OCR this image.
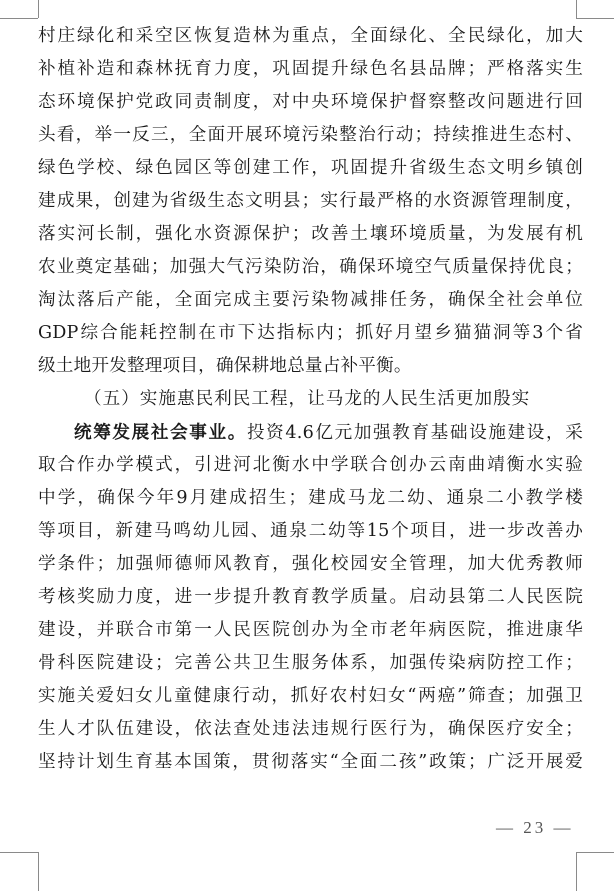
村庄绿化和采空区恢复造林为重点，全面绿化、全民绿化，加大
补植补造和森林抚育力度，巩固提升绿色名县品牌；严格落实生
态环境保护党政同责制度，对中央环境保护督察整改问题进行回
头看，举一反三，全面开展环境污染整治行动；持续推进生态村、
绿色学校、绿色园区等创建工作，巩固提升省级生态文明乡镇创
建成果，创建为省级生态文明县；实行最严格的水资源管理制度，
落实河长制，强化水资源保护；改善土壤环境质量，为发展有机
农业奠定基础；加强大气污染防治，确保环境空气质量保持优良；
淘汰落后产能，全面完成主要污染物减排任务，确保全社会单位
GDP综合能耗控制在市下达指标内；抓好月望乡猫猫洞等3个省
级土地开发整理项目，确保耕地总量占补平衡。
（五）实施惠民利民工程，让马龙的人民生活更加殷实
统筹发展社会事业。投资4.6亿元加强教育基础设施建设，采
取合作办学模式，引进河北衡水中学联合创办云南曲靖衡水实验
中学，确保今年9月建成招生；建成马龙二幼、通泉二小教学楼
等项目，新建马鸣幼儿园、通泉二幼等15个项目，进一步改善办
学条件；加强师德师风教育，强化校园安全管理，加大优秀教师
考核奖励力度，进一步提升教育教学质量。启动县第二人民医院
建设，并联合市第一人民医院创办为全市老年病医院，推进康华
骨科医院建设；完善公共卫生服务体系，加强传染病防控工作；
实施关爱妇女儿童健康行动，抓好农村妇女“两癌”筛查；加强卫
生人才队伍建设，依法查处违法违规行医行为，确保医疗安全；
坚持计划生育基本国策，贯彻落实“全面二孩”政策；广泛开展爱
— 23 —
